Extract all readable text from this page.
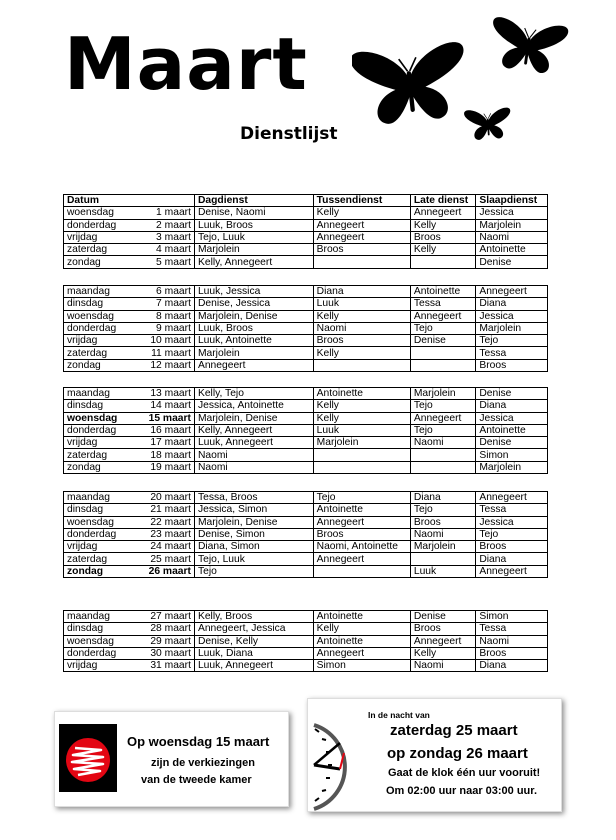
Maart
Dienstlijst
Datum		Dagdienst	Tussendienst	Late dienst	Slaapdienst
woensdag	1 maart	Denise, Naomi	Kelly	Annegeert	Jessica
donderdag	2 maart	Luuk, Broos	Annegeert	Kelly	Marjolein
vrijdag	3 maart	Tejo, Luuk	Annegeert	Broos	Naomi
zaterdag	4 maart	Marjolein	Broos	Kelly	Antoinette
zondag	5 maart	Kelly, Annegeert			Denise
maandag	6 maart	Luuk, Jessica	Diana	Antoinette	Annegeert
dinsdag	7 maart	Denise, Jessica	Luuk	Tessa	Diana
woensdag	8 maart	Marjolein, Denise	Kelly	Annegeert	Jessica
donderdag	9 maart	Luuk, Broos	Naomi	Tejo	Marjolein
vrijdag	10 maart	Luuk, Antoinette	Broos	Denise	Tejo
zaterdag	11 maart	Marjolein	Kelly		Tessa
zondag	12 maart	Annegeert			Broos
maandag	13 maart	Kelly, Tejo	Antoinette	Marjolein	Denise
dinsdag	14 maart	Jessica, Antoinette	Kelly	Tejo	Diana
woensdag	15 maart	Marjolein, Denise	Kelly	Annegeert	Jessica
donderdag	16 maart	Kelly, Annegeert	Luuk	Tejo	Antoinette
vrijdag	17 maart	Luuk, Annegeert	Marjolein	Naomi	Denise
zaterdag	18 maart	Naomi			Simon
zondag	19 maart	Naomi			Marjolein
maandag	20 maart	Tessa, Broos	Tejo	Diana	Annegeert
dinsdag	21 maart	Jessica, Simon	Antoinette	Tejo	Tessa
woensdag	22 maart	Marjolein, Denise	Annegeert	Broos	Jessica
donderdag	23 maart	Denise, Simon	Broos	Naomi	Tejo
vrijdag	24 maart	Diana, Simon	Naomi, Antoinette	Marjolein	Broos
zaterdag	25 maart	Tejo, Luuk	Annegeert		Diana
zondag	26 maart	Tejo		Luuk	Annegeert
maandag	27 maart	Kelly, Broos	Antoinette	Denise	Simon
dinsdag	28 maart	Annegeert, Jessica	Kelly	Broos	Tessa
woensdag	29 maart	Denise, Kelly	Antoinette	Annegeert	Naomi
donderdag	30 maart	Luuk, Diana	Annegeert	Kelly	Broos
vrijdag	31 maart	Luuk, Annegeert	Simon	Naomi	Diana
Op woensdag 15 maart
zijn de verkiezingen
van de tweede kamer
In de nacht van
zaterdag 25 maart
op zondag 26 maart
Gaat de klok één uur vooruit!
Om 02:00 uur naar 03:00 uur.
